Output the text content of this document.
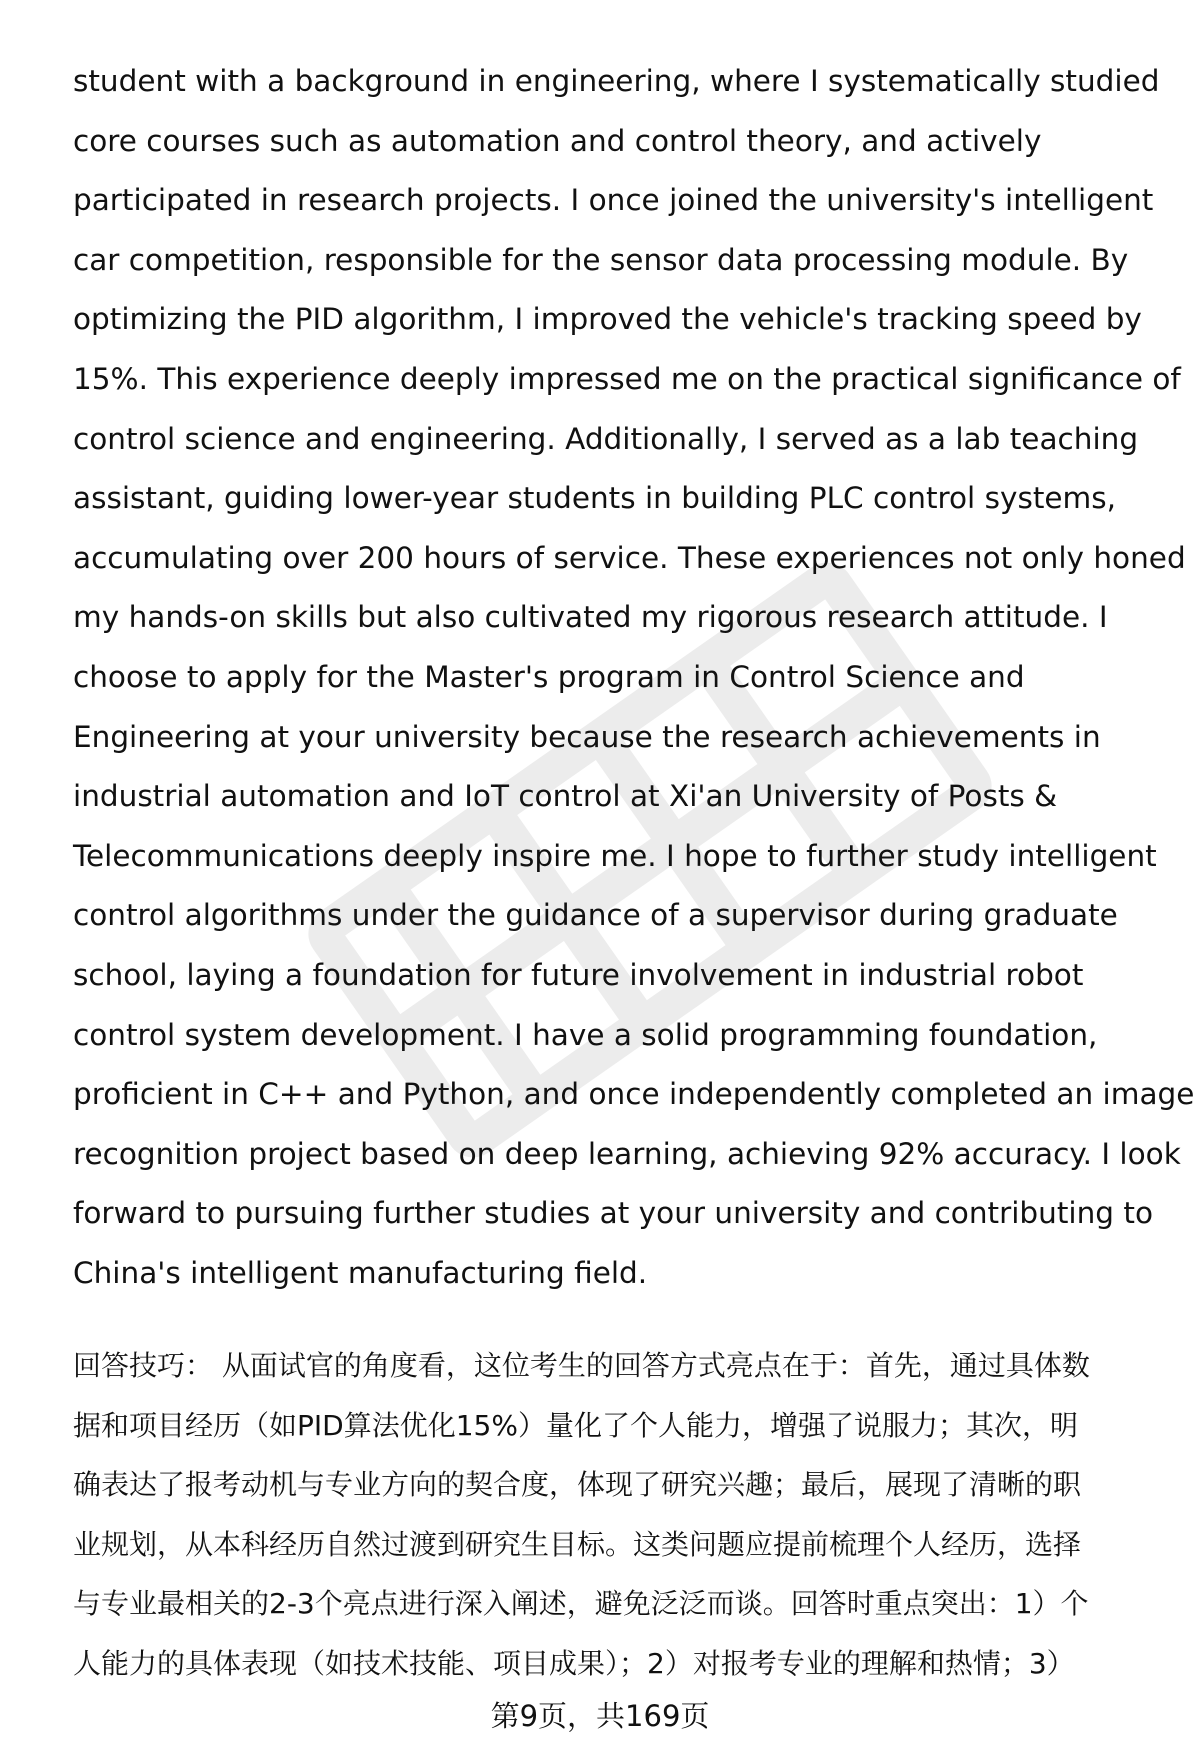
student with a background in engineering, where I systematically studied
core courses such as automation and control theory, and actively
participated in research projects. I once joined the university's intelligent
car competition, responsible for the sensor data processing module. By
optimizing the PID algorithm, I improved the vehicle's tracking speed by
15%. This experience deeply impressed me on the practical significance of
control science and engineering. Additionally, I served as a lab teaching
assistant, guiding lower-year students in building PLC control systems,
accumulating over 200 hours of service. These experiences not only honed
my hands-on skills but also cultivated my rigorous research attitude. I
choose to apply for the Master's program in Control Science and
Engineering at your university because the research achievements in
industrial automation and IoT control at Xi'an University of Posts &
Telecommunications deeply inspire me. I hope to further study intelligent
control algorithms under the guidance of a supervisor during graduate
school, laying a foundation for future involvement in industrial robot
control system development. I have a solid programming foundation,
proficient in C++ and Python, and once independently completed an image
recognition project based on deep learning, achieving 92% accuracy. I look
forward to pursuing further studies at your university and contributing to
China's intelligent manufacturing field.
回答技巧： 从面试官的角度看，这位考生的回答方式亮点在于：首先，通过具体数
据和项目经历（如PID算法优化15%）量化了个人能力，增强了说服力；其次，明
确表达了报考动机与专业方向的契合度，体现了研究兴趣；最后，展现了清晰的职
业规划，从本科经历自然过渡到研究生目标。这类问题应提前梳理个人经历，选择
与专业最相关的2-3个亮点进行深入阐述，避免泛泛而谈。回答时重点突出：1）个
人能力的具体表现（如技术技能、项目成果）；2）对报考专业的理解和热情；3）
第9页，共169页
